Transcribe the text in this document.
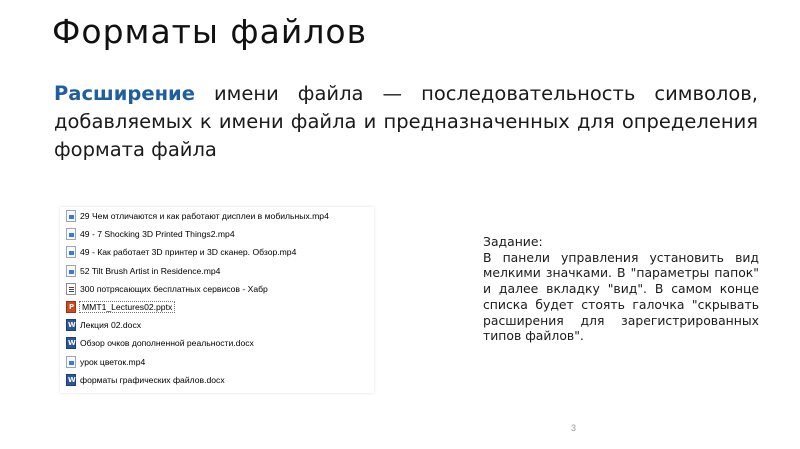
Форматы файлов
Расширение имени файла — последовательность символов, добавляемых к имени файла и предназначенных для определения формата файла
29 Чем отличаются и как работают дисплеи в мобильных.mp4
49 - 7 Shocking 3D Printed Things2.mp4
49 - Как работает 3D принтер и 3D сканер. Обзор.mp4
52 Tilt Brush Artist in Residence.mp4
300 потрясающих бесплатных сервисов - Хабр
P
MMT1_Lectures02.pptx
W
Лекция 02.docx
W
Обзор очков дополненной реальности.docx
урок цветок.mp4
W
форматы графических файлов.docx
Задание:
В панели управления установить вид мелкими значками. В "параметры папок" и далее вкладку "вид". В самом конце списка будет стоять галочка "скрывать расширения для зарегистрированных типов файлов".
3
